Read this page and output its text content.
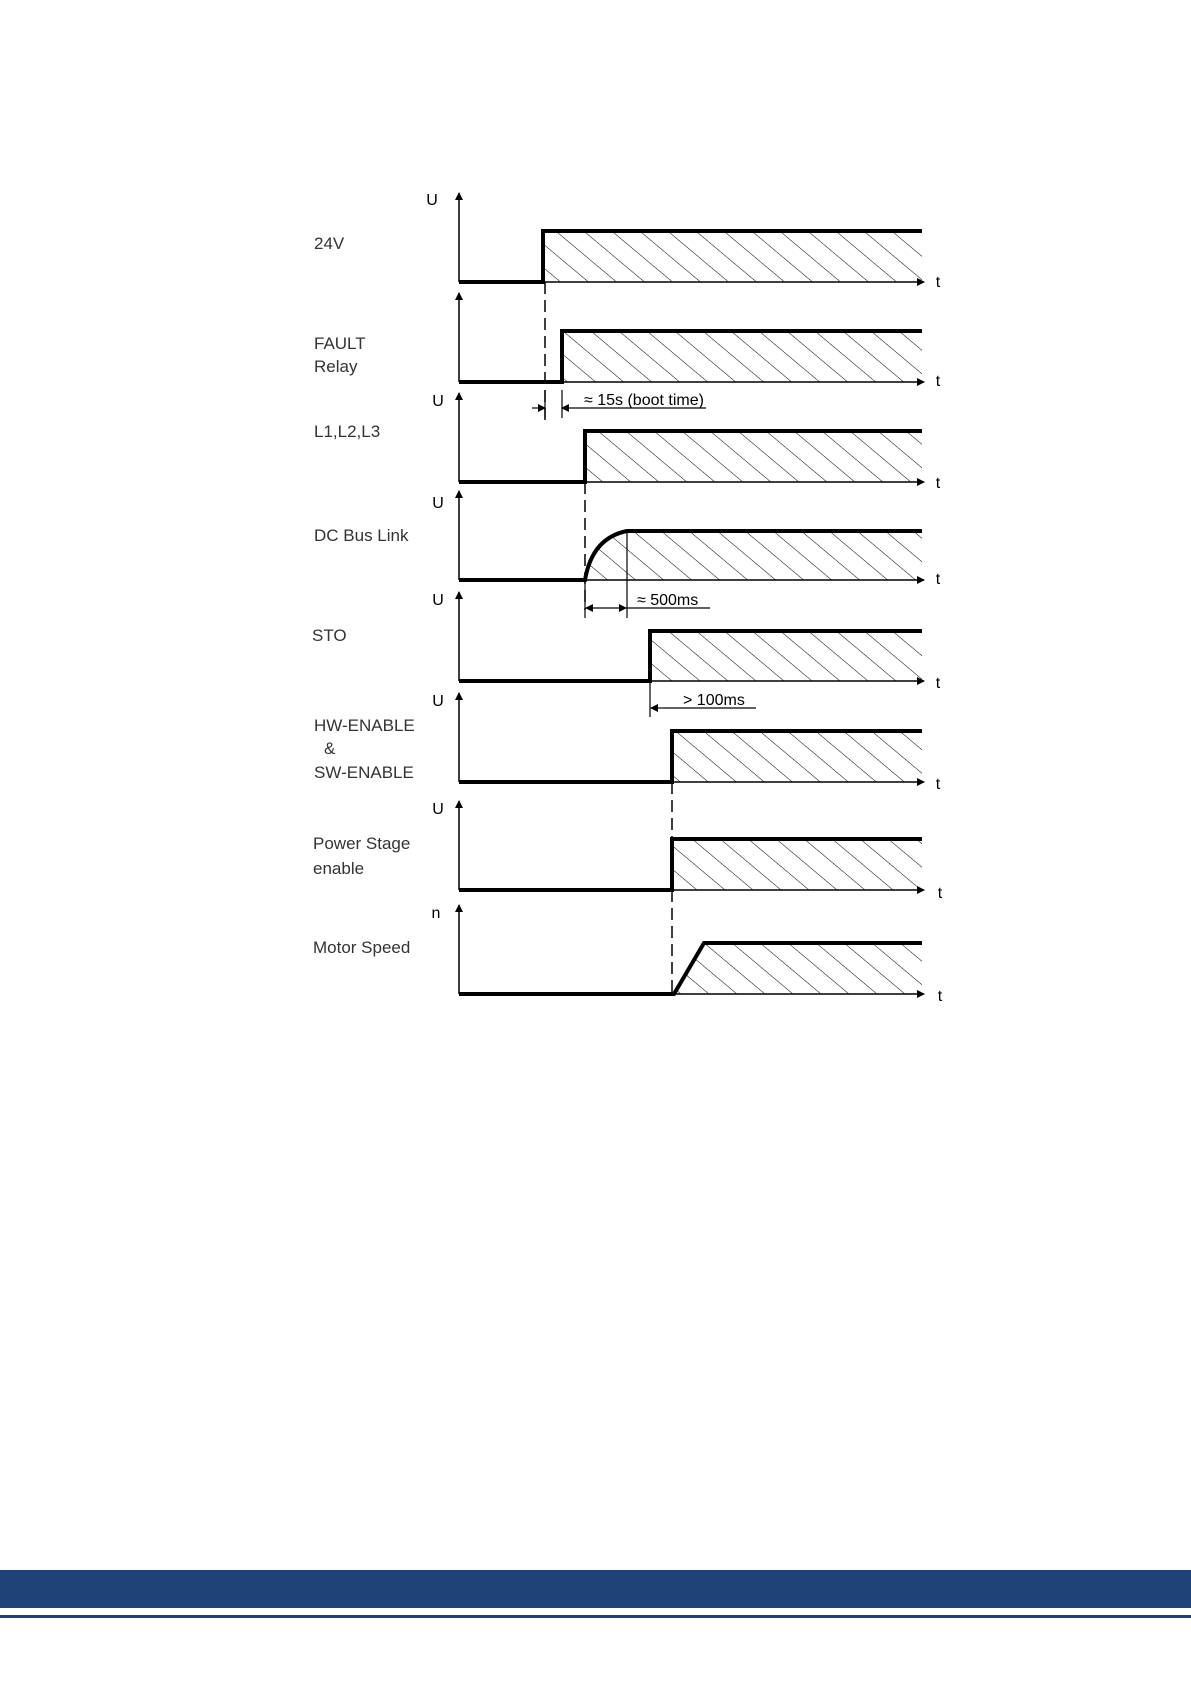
24V
U
t
FAULT Relay
t
L1,L2,L3
U
t
DC Bus Link
U
t
STO
U
t
HW-ENABLE & SW-ENABLE
U
t
Power Stage enable
U
t
Motor Speed
n
t
≈ 15s (boot time)
≈ 500ms
> 100ms
